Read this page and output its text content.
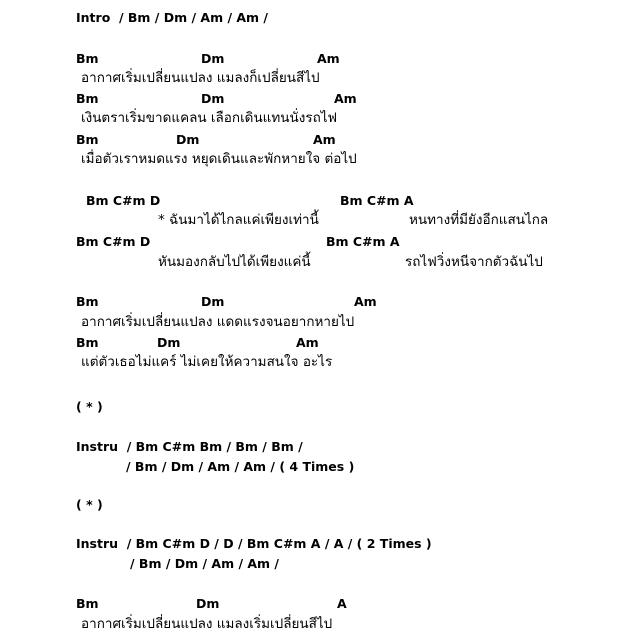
Intro  / Bm / Dm / Am / Am /
Bm	Dm	Am
อากาศเริ่มเปลี่ยนแปลง แมลงก็เปลี่ยนสีไป
Bm	Dm	Am
เงินตราเริ่มขาดแคลน เลือกเดินแทนนั่งรถไฟ
Bm	Dm	Am
เมื่อตัวเราหมดแรง หยุดเดินและพักหายใจ ต่อไป
Bm C#m D	Bm C#m A
* ฉันมาได้ไกลแค่เพียงเท่านี้	หนทางที่มียังอีกแสนไกล
Bm C#m D	Bm C#m A
หันมองกลับไปได้เพียงแค่นี้	รถไฟวิ่งหนีจากตัวฉันไป
Bm	Dm	Am
อากาศเริ่มเปลี่ยนแปลง แดดแรงจนอยากหายไป
Bm	Dm	Am
แต่ตัวเธอไม่แคร์ ไม่เคยให้ความสนใจ อะไร
( * )
Instru  / Bm C#m Bm / Bm / Bm /
/ Bm / Dm / Am / Am / ( 4 Times )
( * )
Instru  / Bm C#m D / D / Bm C#m A / A / ( 2 Times )
/ Bm / Dm / Am / Am /
Bm	Dm	A
อากาศเริ่มเปลี่ยนแปลง แมลงเริ่มเปลี่ยนสีไป
